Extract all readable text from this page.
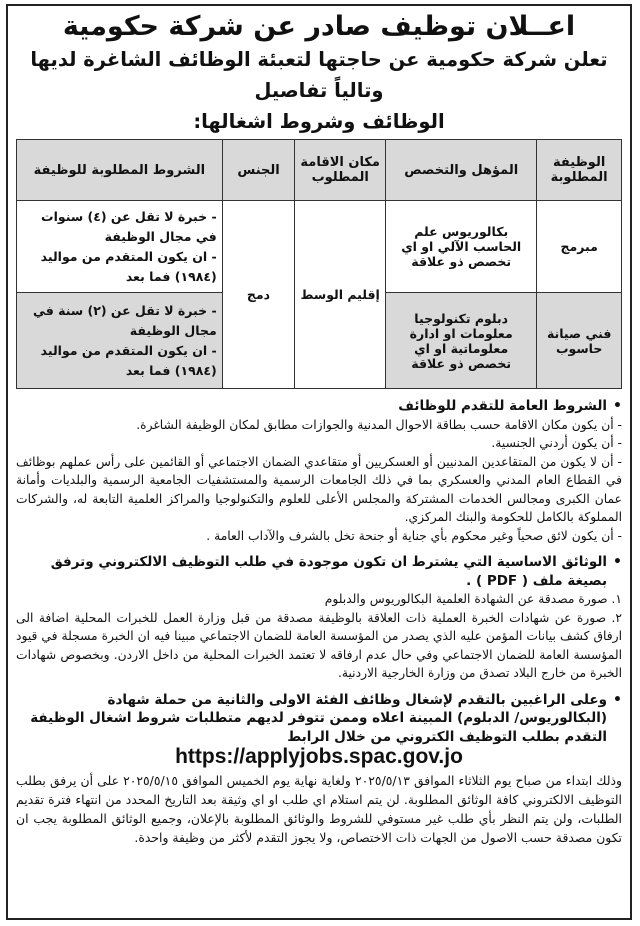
اعــلان توظيف صادر عن شركة حكومية

تعلن شركة حكومية عن حاجتها لتعبئة الوظائف الشاغرة لديها وتالياً تفاصيل

الوظائف وشروط اشغالها:

الوظيفة المطلوبة	المؤهل والتخصص	مكان الاقامة المطلوب	الجنس	الشروط المطلوبة للوظيفة
مبرمج	بكالوريوس علم الحاسب الآلي او اي تخصص ذو علاقة	إقليم الوسط	دمج	- خبرة لا تقل عن (٤) سنوات في مجال الوظيفة
- ان يكون المتقدم من مواليد (١٩٨٤) فما بعد

فني صيانة حاسوب	دبلوم تكنولوجيا معلومات او ادارة معلوماتية او اي تخصص ذو علاقة			- خبرة لا تقل عن (٢) سنة في مجال الوظيفة
- ان يكون المتقدم من مواليد (١٩٨٤) فما بعد
•
الشروط العامة للتقدم للوظائف

- أن يكون مكان الاقامة حسب بطاقة الاحوال المدنية والجوازات مطابق لمكان الوظيفة الشاغرة.

- أن يكون أردني الجنسية.

- أن لا يكون من المتقاعدين المدنيين أو العسكريين أو متقاعدي الضمان الاجتماعي أو القائمين على رأس عملهم بوظائف في القطاع العام المدني والعسكري بما في ذلك الجامعات الرسمية والمستشفيات الجامعية الرسمية والبلديات وأمانة عمان الكبرى ومجالس الخدمات المشتركة والمجلس الأعلى للعلوم والتكنولوجيا والمراكز العلمية التابعة له، والشركات المملوكة بالكامل للحكومة والبنك المركزي.

- أن يكون لائق صحياً وغير محكوم بأي جناية أو جنحة تخل بالشرف والآداب العامة .

•
الوثائق الاساسية التي يشترط ان تكون موجودة في طلب التوظيف الالكتروني وترفق بصيغة ملف ( PDF ) .

١. صورة مصدقة عن الشهادة العلمية البكالوريوس والدبلوم

٢. صورة عن شهادات الخبرة العملية ذات العلاقة بالوظيفة مصدقة من قبل وزارة العمل للخبرات المحلية اضافة الى ارفاق كشف بيانات المؤمن عليه الذي يصدر من المؤسسة العامة للضمان الاجتماعي مبينا فيه ان الخبرة مسجلة في قيود المؤسسة العامة للضمان الاجتماعي وفي حال عدم ارفاقه لا تعتمد الخبرات المحلية من داخل الاردن. وبخصوص شهادات الخبرة من خارج البلاد تصدق من وزارة الخارجية الاردنية.

•
وعلى الراغبين بالتقدم لإشغال وظائف الفئة الاولى والثانية من حملة شهادة (البكالوريوس/ الدبلوم) المبينة اعلاه وممن تتوفر لديهم متطلبات شروط اشغال الوظيفة التقدم بطلب التوظيف الكتروني من خلال الرابط
https://applyjobs.spac.gov.jo

وذلك ابتداء من صباح يوم الثلاثاء الموافق ٢٠٢٥/٥/١٣ ولغاية نهاية يوم الخميس الموافق ٢٠٢٥/٥/١٥ على أن يرفق بطلب التوظيف الالكتروني كافة الوثائق المطلوبة. لن يتم استلام اي طلب او اي وثيقة بعد التاريخ المحدد من انتهاء فترة تقديم الطلبات، ولن يتم النظر بأي طلب غير مستوفي للشروط والوثائق المطلوبة بالإعلان، وجميع الوثائق المطلوبة يجب ان تكون مصدقة حسب الاصول من الجهات ذات الاختصاص، ولا يجوز التقدم لأكثر من وظيفة واحدة.
